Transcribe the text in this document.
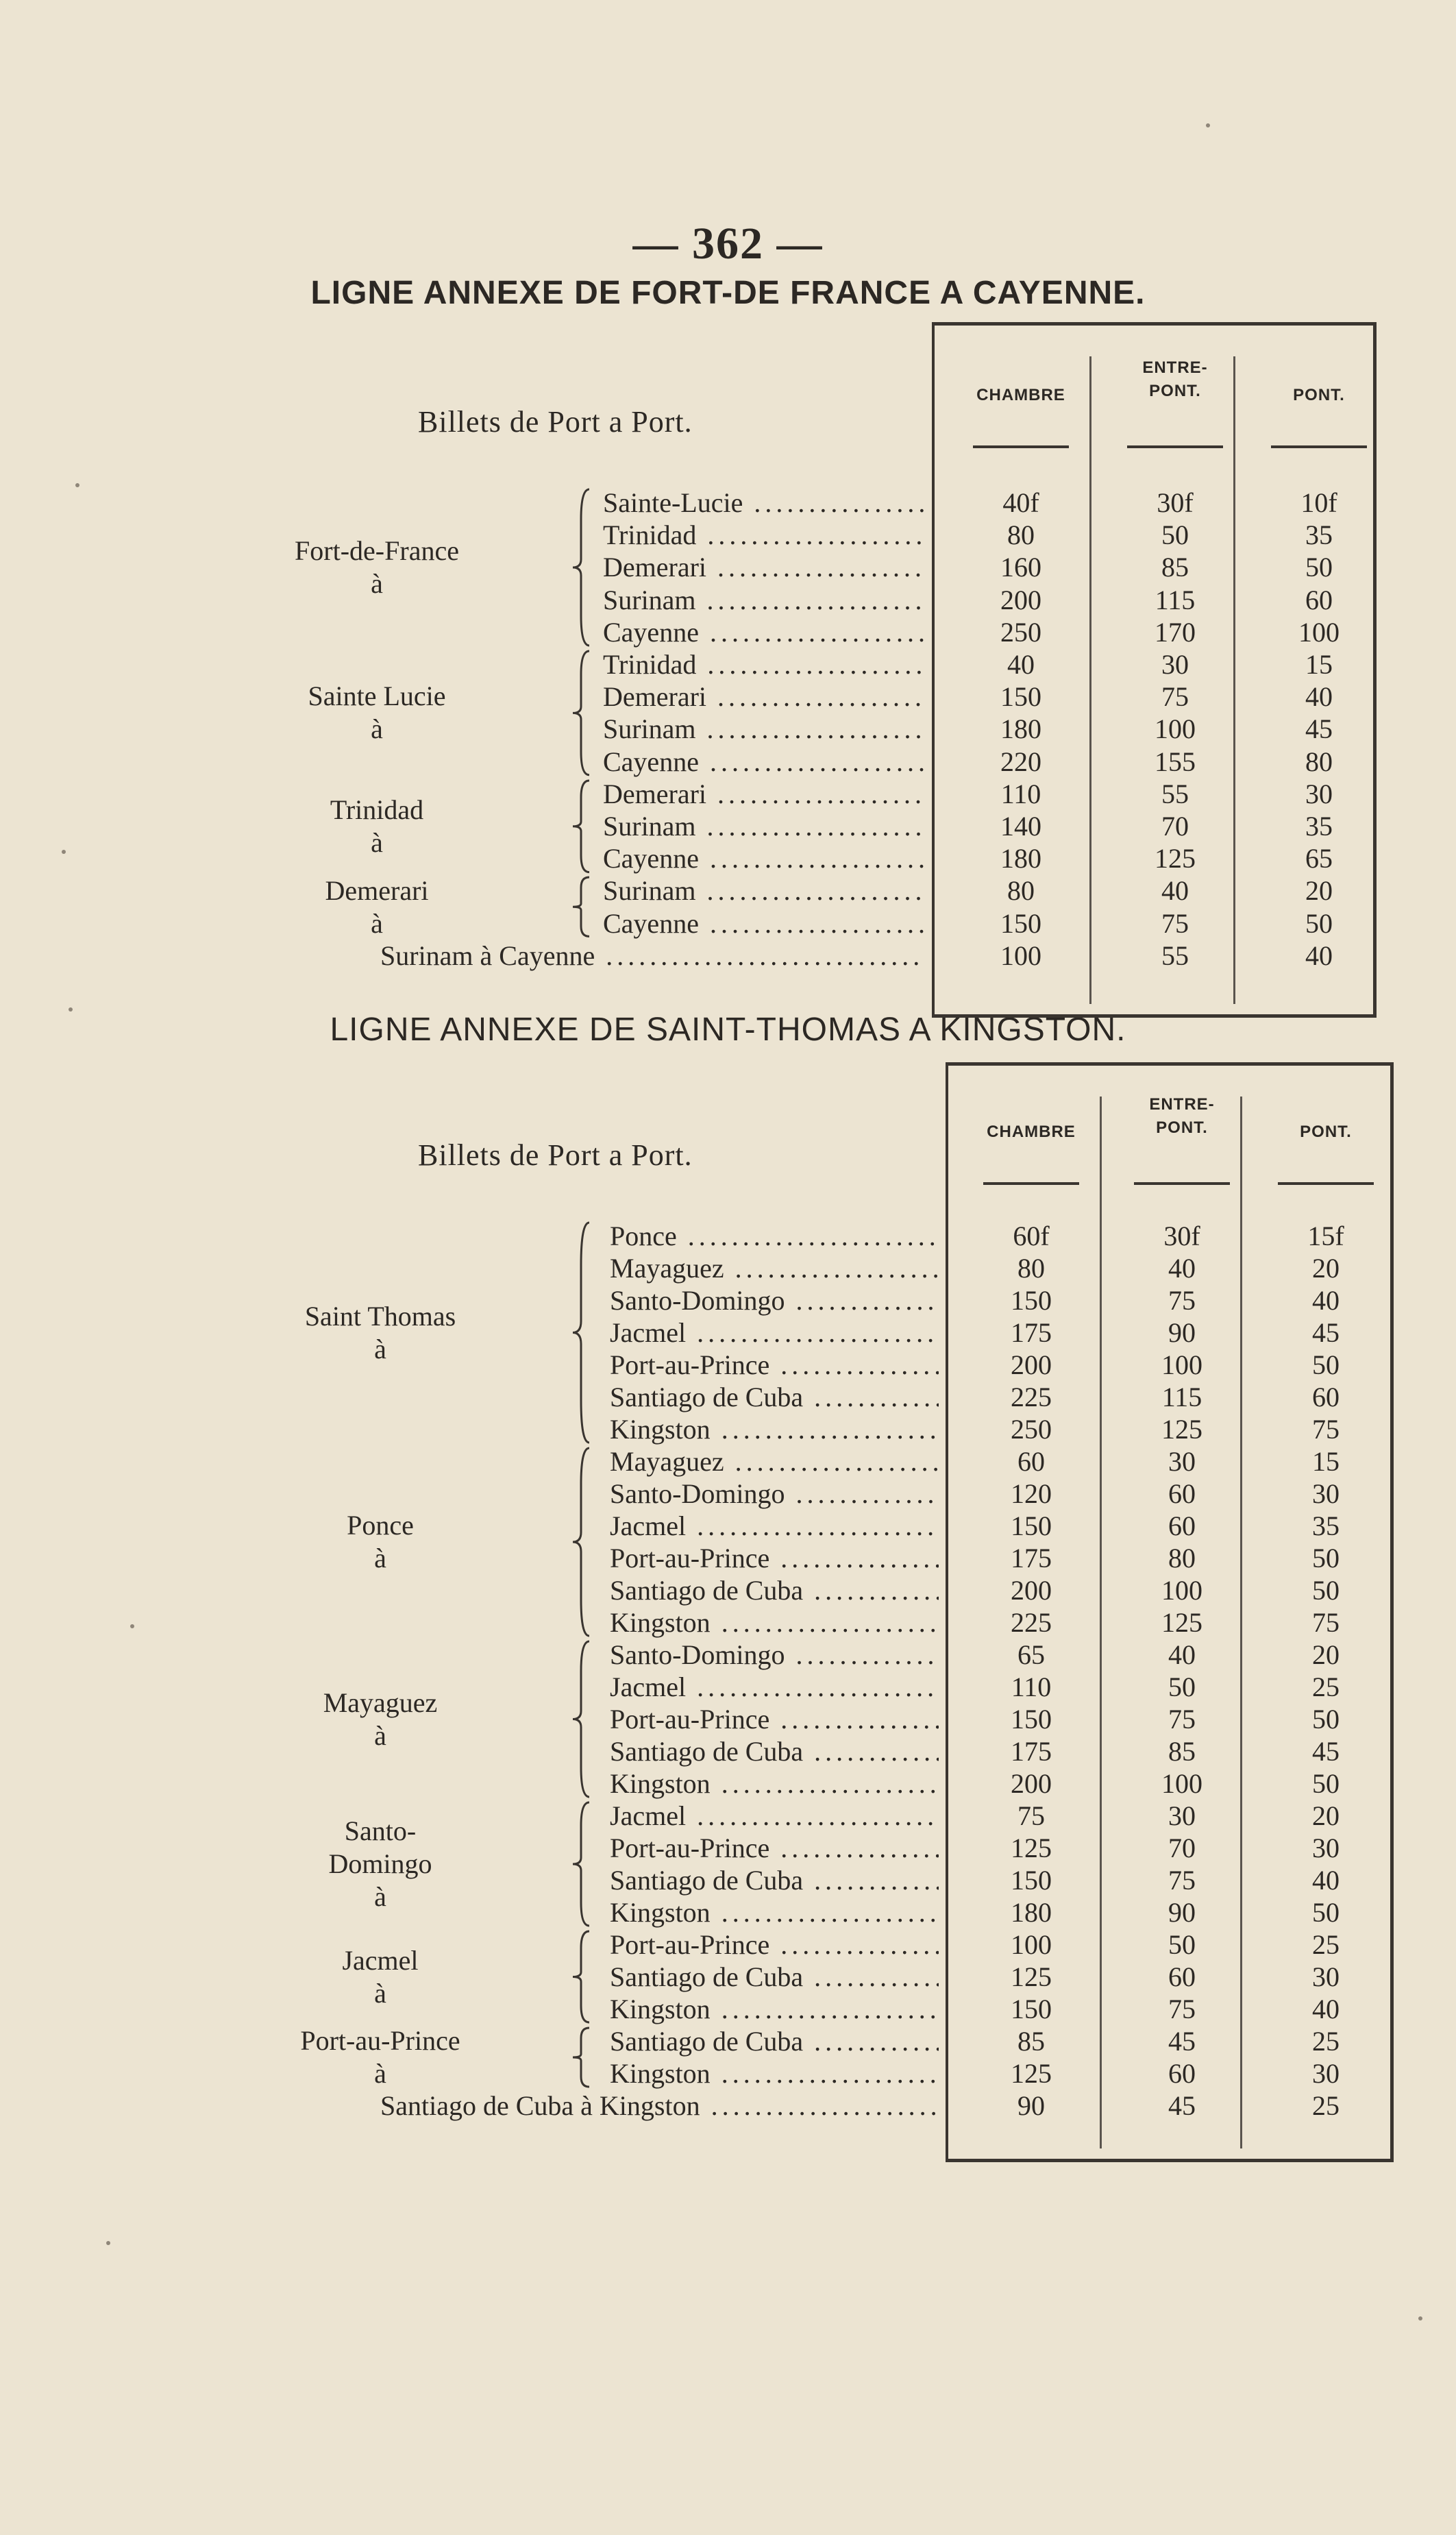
— 362 —
LIGNE ANNEXE DE FORT-DE FRANCE A CAYENNE.
LIGNE ANNEXE DE SAINT-THOMAS A KINGSTON.
Billets de Port a Port.
CHAMBRE
ENTRE-
PONT.	PONT.
Sainte-Lucie .....	40f	30f	10f
Trinidad .....	80	50	35
Demerari .....	160	85	50
Surinam .....	200	115	60
Cayenne .....	250	170	100
Fort-de-France
à
Trinidad .....	40	30	15
Demerari .....	150	75	40
Surinam .....	180	100	45
Cayenne .....	220	155	80
Sainte Lucie
à
Demerari .....	110	55	30
Surinam .....	140	70	35
Cayenne .....	180	125	65
Trinidad
à
Surinam .....	80	40	20
Cayenne .....	150	75	50
Demerari
à
Surinam à Cayenne .....	100	55	40
Billets de Port a Port.
CHAMBRE
ENTRE-
PONT.	PONT.
Ponce .....	60f	30f	15f
Mayaguez .....	80	40	20
Santo-Domingo .....	150	75	40
Jacmel .....	175	90	45
Port-au-Prince .....	200	100	50
Santiago de Cuba .....	225	115	60
Kingston .....	250	125	75
Saint Thomas
à
Mayaguez .....	60	30	15
Santo-Domingo .....	120	60	30
Jacmel .....	150	60	35
Port-au-Prince .....	175	80	50
Santiago de Cuba .....	200	100	50
Kingston .....	225	125	75
Ponce
à
Santo-Domingo .....	65	40	20
Jacmel .....	110	50	25
Port-au-Prince .....	150	75	50
Santiago de Cuba .....	175	85	45
Kingston .....	200	100	50
Mayaguez
à
Jacmel .....	75	30	20
Port-au-Prince .....	125	70	30
Santiago de Cuba .....	150	75	40
Kingston .....	180	90	50
Santo-
Domingo
à
Port-au-Prince .....	100	50	25
Santiago de Cuba .....	125	60	30
Kingston .....	150	75	40
Jacmel
à
Santiago de Cuba .....	85	45	25
Kingston .....	125	60	30
Port-au-Prince
à
Santiago de Cuba à Kingston .....	90	45	25
